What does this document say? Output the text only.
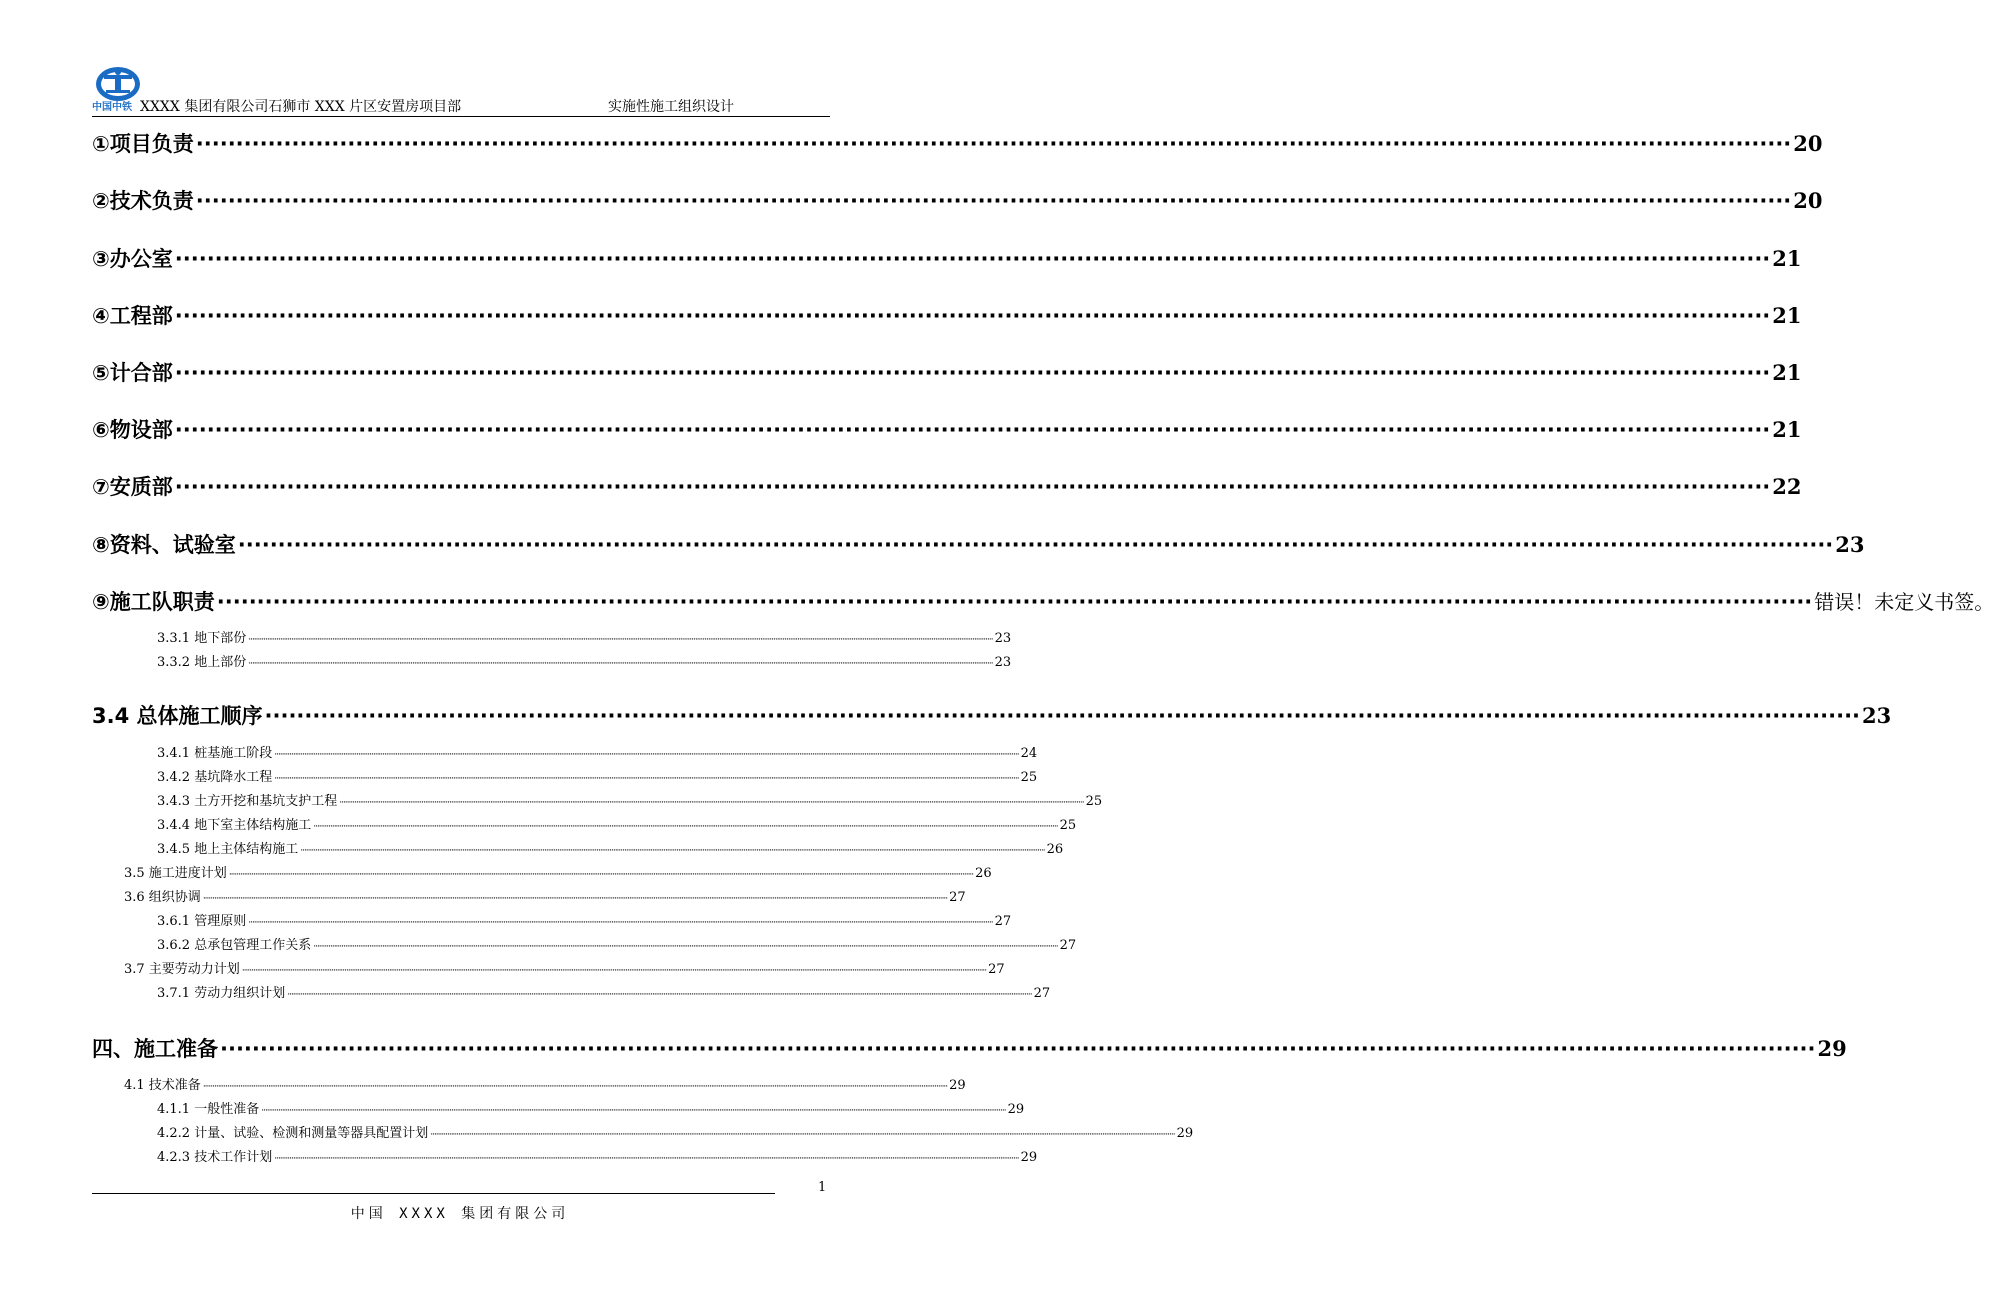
中国中铁 XXXX 集团有限公司石狮市 XXX 片区安置房项目部	实施性施工组织设计
①项目负责 ········································································································································································································ 20
②技术负责 ········································································································································································································ 20
③办公室 ········································································································································································································ 21
④工程部 ········································································································································································································ 21
⑤计合部 ········································································································································································································ 21
⑥物设部 ········································································································································································································ 21
⑦安质部 ········································································································································································································ 22
⑧资料、试验室 ········································································································································································································ 23
⑨施工队职责 ········································································································································································································ 错误！未定义书签。
3.3.1 地下部份 ················································································································································································································································································································································································································ 23
3.3.2 地上部份 ················································································································································································································································································································································································································ 23
3.4 总体施工顺序 ········································································································································································································ 23
3.4.1 桩基施工阶段 ················································································································································································································································································································································································································ 24
3.4.2 基坑降水工程 ················································································································································································································································································································································································································ 25
3.4.3 土方开挖和基坑支护工程 ················································································································································································································································································································································································································ 25
3.4.4 地下室主体结构施工 ················································································································································································································································································································································································································ 25
3.4.5 地上主体结构施工 ················································································································································································································································································································································································································ 26
3.5 施工进度计划 ················································································································································································································································································································································································································ 26
3.6 组织协调 ················································································································································································································································································································································································································ 27
3.6.1 管理原则 ················································································································································································································································································································································································································ 27
3.6.2 总承包管理工作关系 ················································································································································································································································································································································································································ 27
3.7 主要劳动力计划 ················································································································································································································································································································································································································ 27
3.7.1 劳动力组织计划 ················································································································································································································································································································································································································ 27
四、施工准备 ········································································································································································································ 29
4.1 技术准备 ················································································································································································································································································································································································································ 29
4.1.1 一般性准备 ················································································································································································································································································································································································································ 29
4.2.2 计量、试验、检测和测量等器具配置计划 ················································································································································································································································································································································································································ 29
4.2.3 技术工作计划 ················································································································································································································································································································································································································ 29
1
中国 XXXX 集团有限公司
